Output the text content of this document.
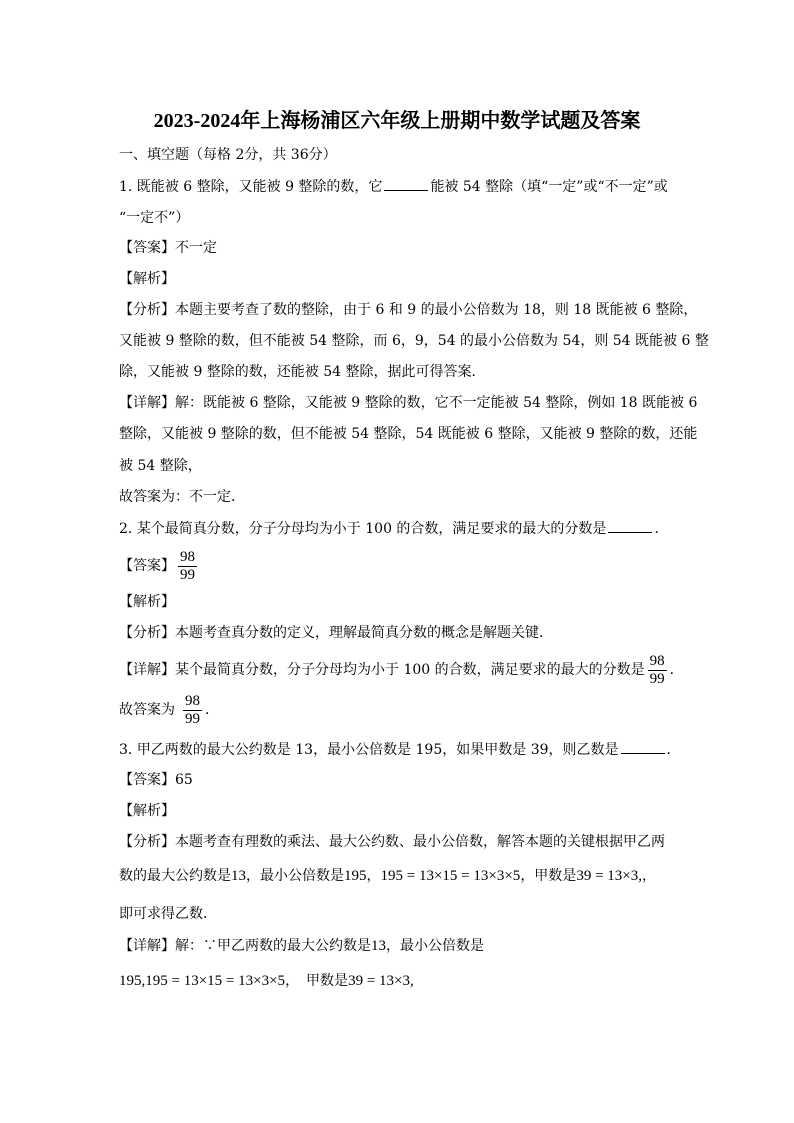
2023-2024年上海杨浦区六年级上册期中数学试题及答案
一、填空题（每格 2分，共 36分）
1. 既能被 6 整除，又能被 9 整除的数，它	能被 54 整除（填“一定”或“不一定”或
“一定不”）
【答案】不一定
【解析】
【分析】本题主要考查了数的整除，由于 6 和 9 的最小公倍数为 18，则 18 既能被 6 整除，
又能被 9 整除的数，但不能被 54 整除，而 6，9，54 的最小公倍数为 54，则 54 既能被 6 整
除，又能被 9 整除的数，还能被 54 整除，据此可得答案．
【详解】解：既能被 6 整除，又能被 9 整除的数，它不一定能被 54 整除，例如 18 既能被 6
整除，又能被 9 整除的数，但不能被 54 整除，54 既能被 6 整除，又能被 9 整除的数，还能
被 54 整除，
故答案为：不一定．
2. 某个最简真分数，分子分母均为小于 100 的合数，满足要求的最大的分数是	．
【答案】 $\frac{98}{99}$
【解析】
【分析】本题考查真分数的定义，理解最简真分数的概念是解题关键．
【详解】某个最简真分数，分子分母均为小于 100 的合数，满足要求的最大的分数是 $\frac{98}{99}$ ．
故答案为 $\frac{98}{99}$ ．
3. 甲乙两数的最大公约数是 13，最小公倍数是 195，如果甲数是 39，则乙数是	．
【答案】65
【解析】
【分析】本题考查有理数的乘法、最大公约数、最小公倍数，解答本题的关键根据甲乙两
数的最大公约数是13，最小公倍数是195，195 = 13×15 = 13×3×5，甲数是39 = 13×3,，
即可求得乙数．
【详解】解：∵甲乙两数的最大公约数是13，最小公倍数是
195,195 = 13×15 = 13×3×5，　甲数是39 = 13×3,
